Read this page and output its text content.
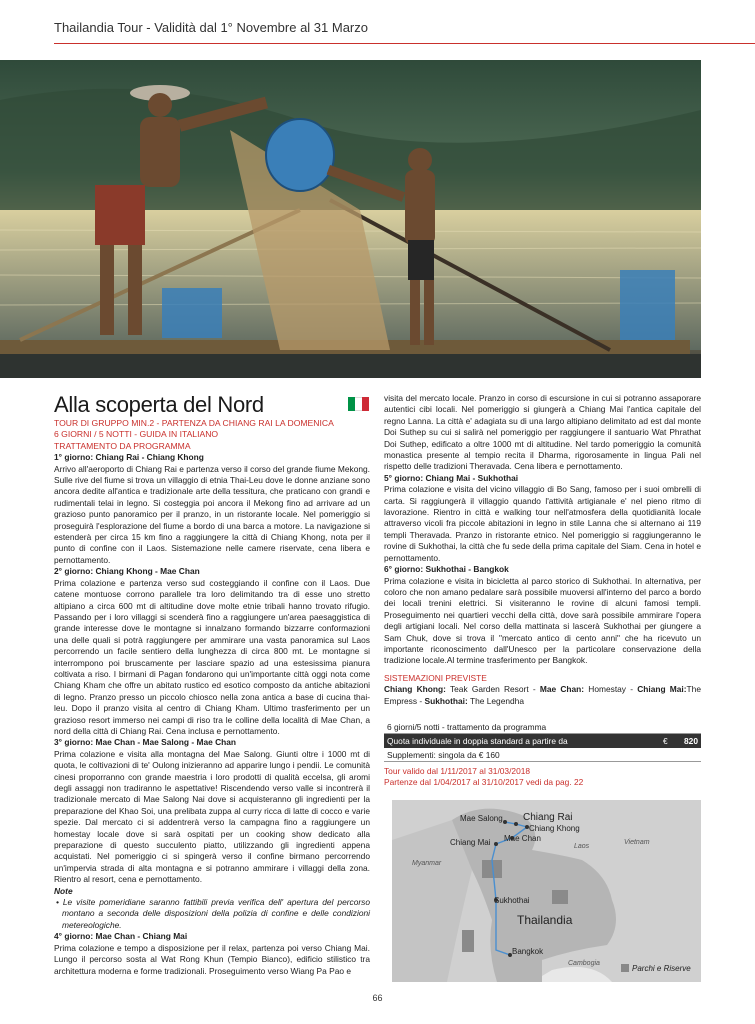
Thailandia Tour - Validità dal 1° Novembre al 31 Marzo
Alla scoperta del Nord
TOUR DI GRUPPO MIN.2 - PARTENZA DA CHIANG RAI LA DOMENICA
6 GIORNI / 5 NOTTI - GUIDA IN ITALIANO
TRATTAMENTO DA PROGRAMMA

1° giorno: Chiang Rai - Chiang Khong

Arrivo all'aeroporto di Chiang Rai e partenza verso il corso del grande fiume Mekong. Sulle rive del fiume si trova un villaggio di etnia Thai-Leu dove le donne anziane sono ancora dedite all'antica e tradizionale arte della tessitura, che praticano con grandi e rudimentali telai in legno. Si costeggia poi ancora il Mekong fino ad arrivare ad un grazioso punto panoramico per il pranzo, in un ristorante locale. Nel pomeriggio si proseguirà l'esplorazione del fiume a bordo di una barca a motore. La navigazione si estenderà per circa 15 km fino a raggiungere la città di Chiang Khong, nota per il punto di confine con il Laos. Sistemazione nelle camere riservate, cena libera e pernottamento.

2° giorno: Chiang Khong - Mae Chan

Prima colazione e partenza verso sud costeggiando il confine con il Laos. Due catene montuose corrono parallele tra loro delimitando tra di esse uno stretto altipiano a circa 600 mt di altitudine dove molte etnie tribali hanno trovato rifugio. Passando per i loro villaggi si scenderà fino a raggiungere un'area paesaggistica di grande interesse dove le montagne si innalzano formando bizzarre conformazioni una delle quali si potrà raggiungere per ammirare una vasta panoramica sul Laos percorrendo un facile sentiero della lunghezza di circa 800 mt. Le montagne si interrompono poi bruscamente per lasciare spazio ad una estesissima pianura coltivata a riso. I birmani di Pagan fondarono qui un'importante città oggi nota come Chiang Kham che offre un abitato rustico ed esotico composto da antiche abitazioni di legno. Pranzo presso un piccolo chiosco nella zona antica a base di cucina thai-leu. Dopo il pranzo visita al centro di Chiang Kham. Ultimo trasferimento per un grazioso resort immerso nei campi di riso tra le colline della località di Mae Chan, a nord della città di Chiang Rai. Cena inclusa e pernottamento.

3° giorno: Mae Chan - Mae Salong - Mae Chan

Prima colazione e visita alla montagna del Mae Salong. Giunti oltre i 1000 mt di quota, le coltivazioni di te' Oulong inizieranno ad apparire lungo i pendii. Le comunità cinesi proporranno con grande maestria i loro prodotti di qualità eccelsa, gli aromi degli assaggi non tradiranno le aspettative! Riscendendo verso valle si incontrerà il tradizionale mercato di Mae Salong Nai dove si acquisteranno gli ingredienti per la preparazione del Khao Soi, una prelibata zuppa al curry ricca di latte di cocco e varie spezie. Dal mercato ci si addentrerà verso la campagna fino a raggiungere un homestay locale dove si sarà ospitati per un cooking show dedicato alla preparazione di questo succulento piatto, utilizzando gli ingredienti appena acquistati. Nel pomeriggio ci si spingerà verso il confine birmano percorrendo un'impervia strada di alta montagna e si potranno ammirare i villaggi della zona. Rientro al resort, cena e pernottamento.

Note

• Le visite pomeridiane saranno fattibili previa verifica dell' apertura del percorso montano a seconda delle disposizioni della polizia di confine e delle condizioni metereologiche.

4° giorno: Mae Chan - Chiang Mai

Prima colazione e tempo a disposizione per il relax, partenza poi verso Chiang Mai. Lungo il percorso sosta al Wat Rong Khun (Tempio Bianco), edificio stilistico tra architettura moderna e forme tradizionali. Proseguimento verso Wiang Pa Pao e

visita del mercato locale. Pranzo in corso di escursione in cui si potranno assaporare autentici cibi locali. Nel pomeriggio si giungerà a Chiang Mai l'antica capitale del regno Lanna. La città e' adagiata su di una largo altipiano delimitato ad est dal monte Doi Suthep su cui si salirà nel pomeriggio per raggiungere il santuario Wat Phrathat Doi Suthep, edificato a oltre 1000 mt di altitudine. Nel tardo pomeriggio la comunità monastica presente al tempio recita il Dharma, rigorosamente in lingua Pali nel rispetto delle tradizioni Theravada. Cena libera e pernottamento.

5° giorno: Chiang Mai - Sukhothai

Prima colazione e visita del vicino villaggio di Bo Sang, famoso per i suoi ombrelli di carta. Si raggiungerà il villaggio quando l'attività artigianale e' nel pieno ritmo di lavorazione. Rientro in città e walking tour nell'atmosfera della quotidianità locale attraverso vicoli fra piccole abitazioni in legno in stile Lanna che si alternano ai 119 templi Theravada. Pranzo in ristorante etnico. Nel pomeriggio si raggiungeranno le rovine di Sukhothai, la città che fu sede della prima capitale del Siam. Cena in hotel e pernottamento.

6° giorno: Sukhothai - Bangkok

Prima colazione e visita in bicicletta al parco storico di Sukhothai. In alternativa, per coloro che non amano pedalare sarà possibile muoversi all'interno del parco a bordo dei locali trenini elettrici. Si visiteranno le rovine di alcuni famosi templi. Proseguimento nei quartieri vecchi della città, dove sarà possibile ammirare l'opera degli artigiani locali. Nel corso della mattinata si lascerà Sukhothai per giungere a Sam Chuk, dove si trova il "mercato antico di cento anni" che ha ricevuto un importante riconoscimento dall'Unesco per la particolare conservazione della tradizione locale.Al termine trasferimento per Bangkok.

SISTEMAZIONI PREVISTE

Chiang Khong: Teak Garden Resort - Mae Chan: Homestay - Chiang Mai:The Empress - Sukhothai: The Legendha

6 giorni/5 notti - trattamento da programma
Quota individuale in doppia standard a partire da	€ 820
Supplementi: singola da € 160
Tour valido dal 1/11/2017 al 31/03/2018
Partenze dal 1/04/2017 al 31/10/2017 vedi da pag. 22
Mae Salong Chiang Rai
Chiang Khong
Mae Chan
Chiang Mai	Laos
Vietnam
Myanmar
Sukhothai
Thailandia
Bangkok
Cambogia
Parchi e Riserve
66
